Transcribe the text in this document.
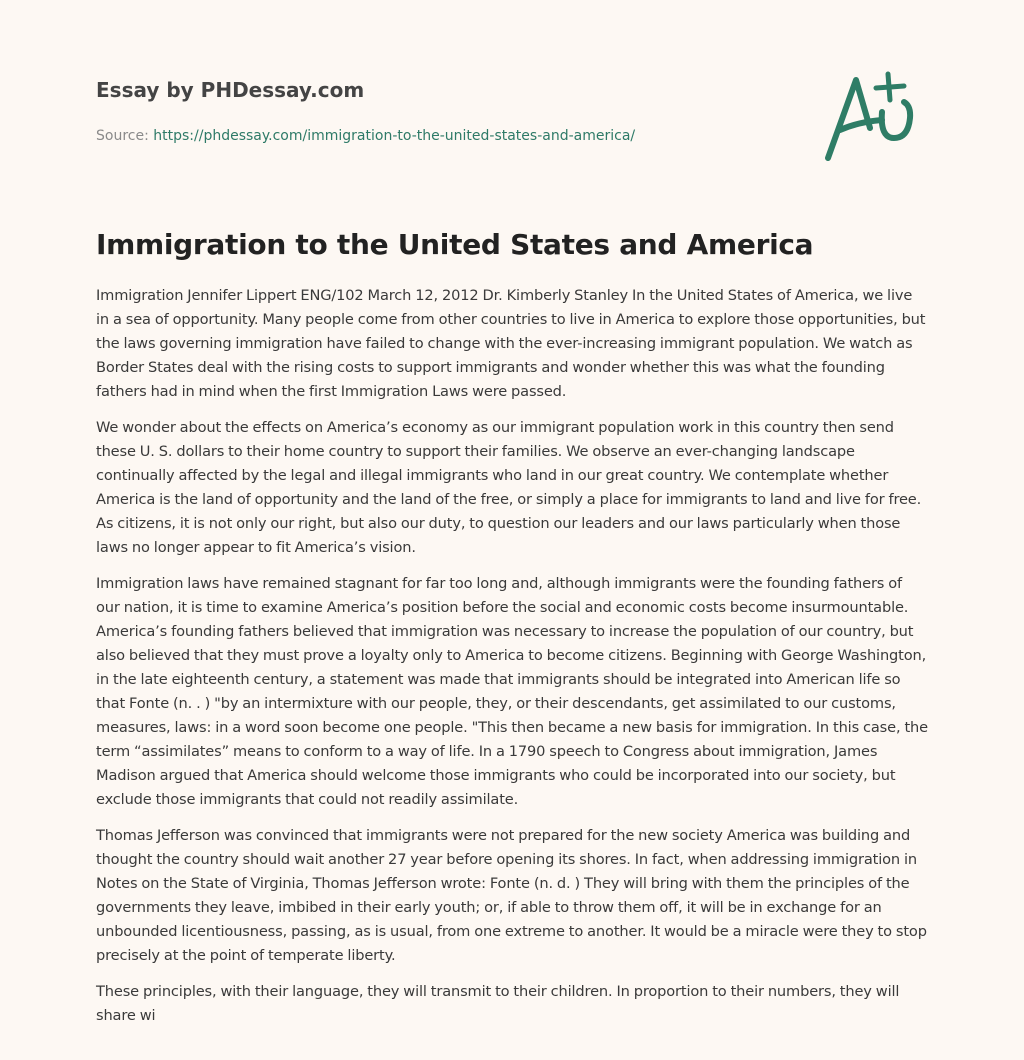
Essay by PHDessay.com

Source: https://phdessay.com/immigration-to-the-united-states-and-america/
Immigration to the United States and America

Immigration Jennifer Lippert ENG/102 March 12, 2012 Dr. Kimberly Stanley In the United States of America, we live in a sea of opportunity. Many people come from other countries to live in America to explore those opportunities, but the laws governing immigration have failed to change with the ever-increasing immigrant population. We watch as Border States deal with the rising costs to support immigrants and wonder whether this was what the founding fathers had in mind when the first Immigration Laws were passed.

We wonder about the effects on America’s economy as our immigrant population work in this country then send these U. S. dollars to their home country to support their families. We observe an ever-changing landscape continually affected by the legal and illegal immigrants who land in our great country. We contemplate whether America is the land of opportunity and the land of the free, or simply a place for immigrants to land and live for free. As citizens, it is not only our right, but also our duty, to question our leaders and our laws particularly when those laws no longer appear to fit America’s vision.

Immigration laws have remained stagnant for far too long and, although immigrants were the founding fathers of our nation, it is time to examine America’s position before the social and economic costs become insurmountable. America’s founding fathers believed that immigration was necessary to increase the population of our country, but also believed that they must prove a loyalty only to America to become citizens. Beginning with George Washington, in the late eighteenth century, a statement was made that immigrants should be integrated into American life so that Fonte (n. . ) "by an intermixture with our people, they, or their descendants, get assimilated to our customs, measures, laws: in a word soon become one people. "This then became a new basis for immigration. In this case, the term “assimilates” means to conform to a way of life. In a 1790 speech to Congress about immigration, James Madison argued that America should welcome those immigrants who could be incorporated into our society, but exclude those immigrants that could not readily assimilate.

Thomas Jefferson was convinced that immigrants were not prepared for the new society America was building and thought the country should wait another 27 year before opening its shores. In fact, when addressing immigration in Notes on the State of Virginia, Thomas Jefferson wrote: Fonte (n. d. ) They will bring with them the principles of the governments they leave, imbibed in their early youth; or, if able to throw them off, it will be in exchange for an unbounded licentiousness, passing, as is usual, from one extreme to another. It would be a miracle were they to stop precisely at the point of temperate liberty.

These principles, with their language, they will transmit to their children. In proportion to their numbers, they will share wi
